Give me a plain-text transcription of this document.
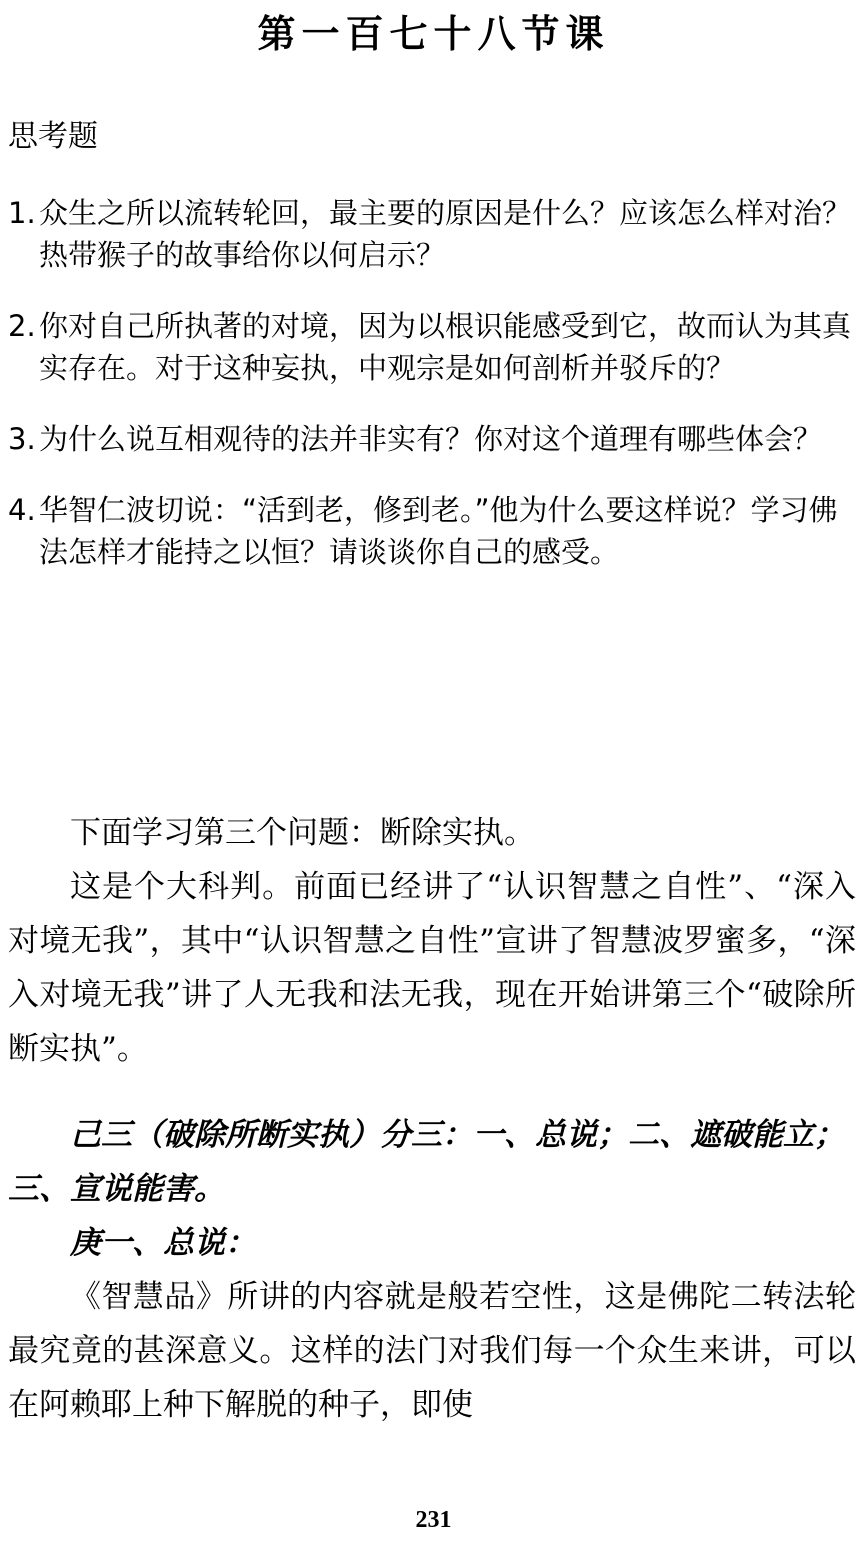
第一百七十八节课
思考题
1. 众生之所以流转轮回，最主要的原因是什么？应该怎么样对治？热带猴子的故事给你以何启示？
2. 你对自己所执著的对境，因为以根识能感受到它，故而认为其真实存在。对于这种妄执，中观宗是如何剖析并驳斥的？
3. 为什么说互相观待的法并非实有？你对这个道理有哪些体会？
4. 华智仁波切说：“活到老，修到老。”他为什么要这样说？学习佛法怎样才能持之以恒？请谈谈你自己的感受。

下面学习第三个问题：断除实执。

这是个大科判。前面已经讲了“认识智慧之自性”、“深入对境无我”，其中“认识智慧之自性”宣讲了智慧波罗蜜多，“深入对境无我”讲了人无我和法无我，现在开始讲第三个“破除所断实执”。

己三（破除所断实执）分三：一、总说；二、遮破能立；三、宣说能害。

庚一、总说：

《智慧品》所讲的内容就是般若空性，这是佛陀二转法轮最究竟的甚深意义。这样的法门对我们每一个众生来讲，可以在阿赖耶上种下解脱的种子，即使

231
